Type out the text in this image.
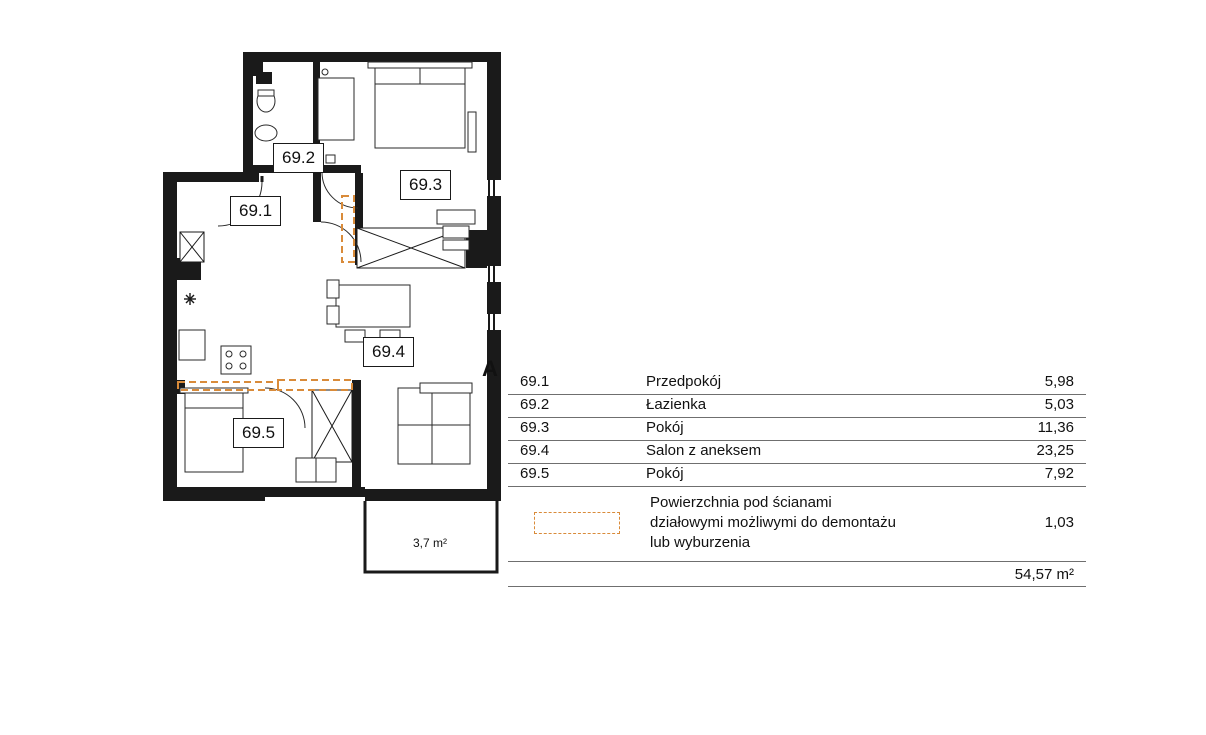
69.1
69.2
69.3
69.4
69.5
3,7 m²
A
69.1	Przedpokój	5,98
69.2	Łazienka	5,03
69.3	Pokój	11,36
69.4	Salon z aneksem	23,25
69.5	Pokój	7,92
Powierzchnia pod ścianami
działowymi możliwymi do demontażu
lub wyburzenia
1,03
54,57 m²
